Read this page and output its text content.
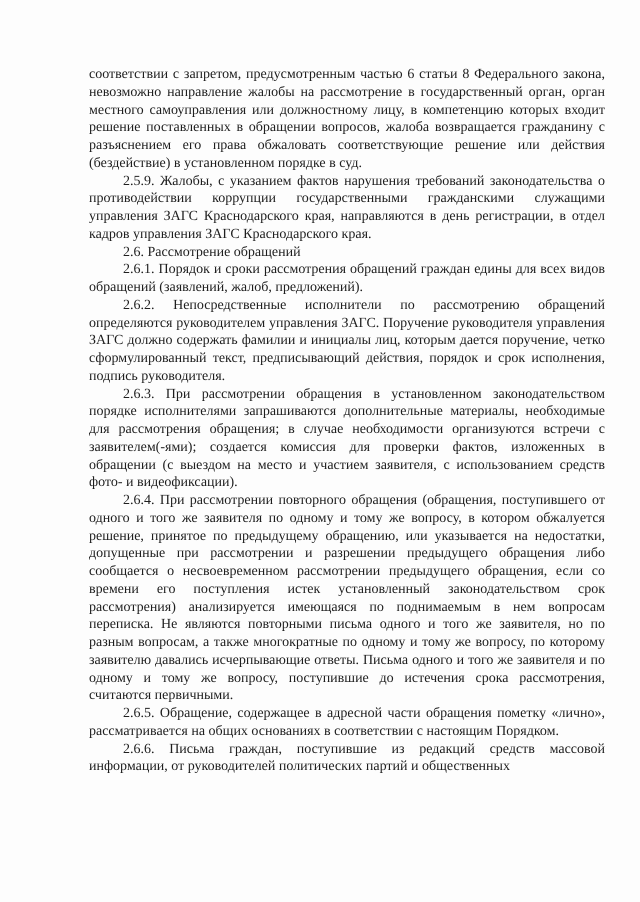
соответствии с запретом, предусмотренным частью 6 статьи 8 Федерального закона, невозможно направление жалобы на рассмотрение в государственный орган, орган местного самоуправления или должностному лицу, в компетенцию которых входит решение поставленных в обращении вопросов, жалоба возвращается гражданину с разъяснением его права обжаловать соответствующие решение или действия (бездействие) в установленном порядке в суд.

2.5.9. Жалобы, с указанием фактов нарушения требований законодательства о противодействии коррупции государственными гражданскими служащими управления ЗАГС Краснодарского края, направляются в день регистрации, в отдел кадров управления ЗАГС Краснодарского края.

2.6. Рассмотрение обращений

2.6.1. Порядок и сроки рассмотрения обращений граждан едины для всех видов обращений (заявлений, жалоб, предложений).

2.6.2. Непосредственные исполнители по рассмотрению обращений определяются руководителем управления ЗАГС. Поручение руководителя управления ЗАГС должно содержать фамилии и инициалы лиц, которым дается поручение, четко сформулированный текст, предписывающий действия, порядок и срок исполнения, подпись руководителя.

2.6.3. При рассмотрении обращения в установленном законодательством порядке исполнителями запрашиваются дополнительные материалы, необходимые для рассмотрения обращения; в случае необходимости организуются встречи с заявителем(-ями); создается комиссия для проверки фактов, изложенных в обращении (с выездом на место и участием заявителя, с использованием средств фото- и видеофиксации).

2.6.4. При рассмотрении повторного обращения (обращения, поступившего от одного и того же заявителя по одному и тому же вопросу, в котором обжалуется решение, принятое по предыдущему обращению, или указывается на недостатки, допущенные при рассмотрении и разрешении предыдущего обращения либо сообщается о несвоевременном рассмотрении предыдущего обращения, если со времени его поступления истек установленный законодательством срок рассмотрения) анализируется имеющаяся по поднимаемым в нем вопросам переписка. Не являются повторными письма одного и того же заявителя, но по разным вопросам, а также многократные по одному и тому же вопросу, по которому заявителю давались исчерпывающие ответы. Письма одного и того же заявителя и по одному и тому же вопросу, поступившие до истечения срока рассмотрения, считаются первичными.

2.6.5. Обращение, содержащее в адресной части обращения пометку «лично», рассматривается на общих основаниях в соответствии с настоящим Порядком.

2.6.6. Письма граждан, поступившие из редакций средств массовой информации, от руководителей политических партий и общественных
